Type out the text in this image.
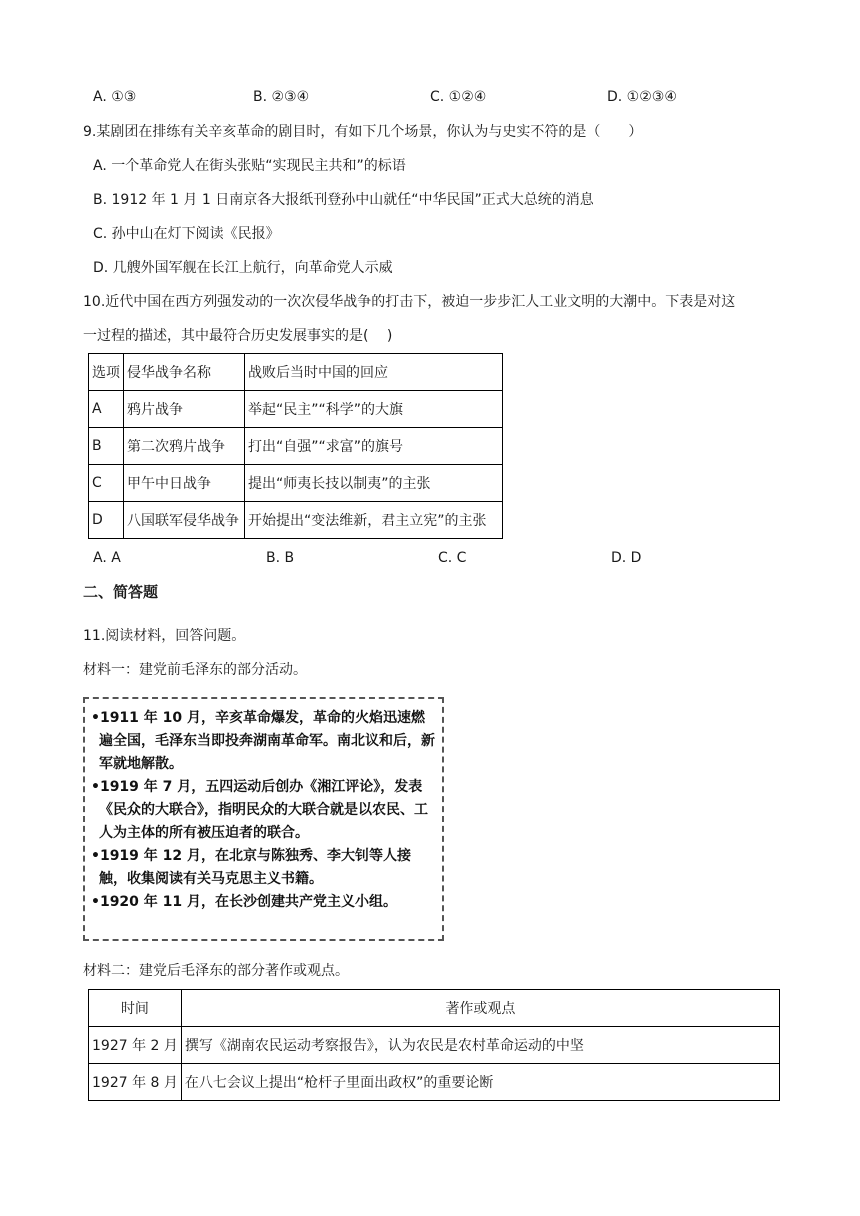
A. ①③	B. ②③④	C. ①②④	D. ①②③④
9.某剧团在排练有关辛亥革命的剧目时，有如下几个场景，你认为与史实不符的是（　　）
A. 一个革命党人在街头张贴“实现民主共和”的标语
B. 1912 年 1 月 1 日南京各大报纸刊登孙中山就任“中华民国”正式大总统的消息
C. 孙中山在灯下阅读《民报》
D. 几艘外国军舰在长江上航行，向革命党人示威
10.近代中国在西方列强发动的一次次侵华战争的打击下，被迫一步步汇人工业文明的大潮中。下表是对这
一过程的描述，其中最符合历史发展事实的是(　 )
选项	侵华战争名称	战败后当时中国的回应
A	鸦片战争	举起“民主”“科学”的大旗
B	第二次鸦片战争	打出“自强”“求富”的旗号
C	甲午中日战争	提出“师夷长技以制夷”的主张
D	八国联军侵华战争	开始提出“变法维新，君主立宪”的主张
A. A	B. B	C. C	D. D
二、简答题
11.阅读材料，回答问题。
材料一：建党前毛泽东的部分活动。
•1911 年 10 月，辛亥革命爆发，革命的火焰迅速燃遍全国，毛泽东当即投奔湖南革命军。南北议和后，新军就地解散。
•1919 年 7 月，五四运动后创办《湘江评论》，发表《民众的大联合》，指明民众的大联合就是以农民、工人为主体的所有被压迫者的联合。
•1919 年 12 月，在北京与陈独秀、李大钊等人接触，收集阅读有关马克思主义书籍。
•1920 年 11 月，在长沙创建共产党主义小组。
材料二：建党后毛泽东的部分著作或观点。
时间	著作或观点
1927 年 2 月	撰写《湖南农民运动考察报告》，认为农民是农村革命运动的中坚
1927 年 8 月	在八七会议上提出“枪杆子里面出政权”的重要论断
